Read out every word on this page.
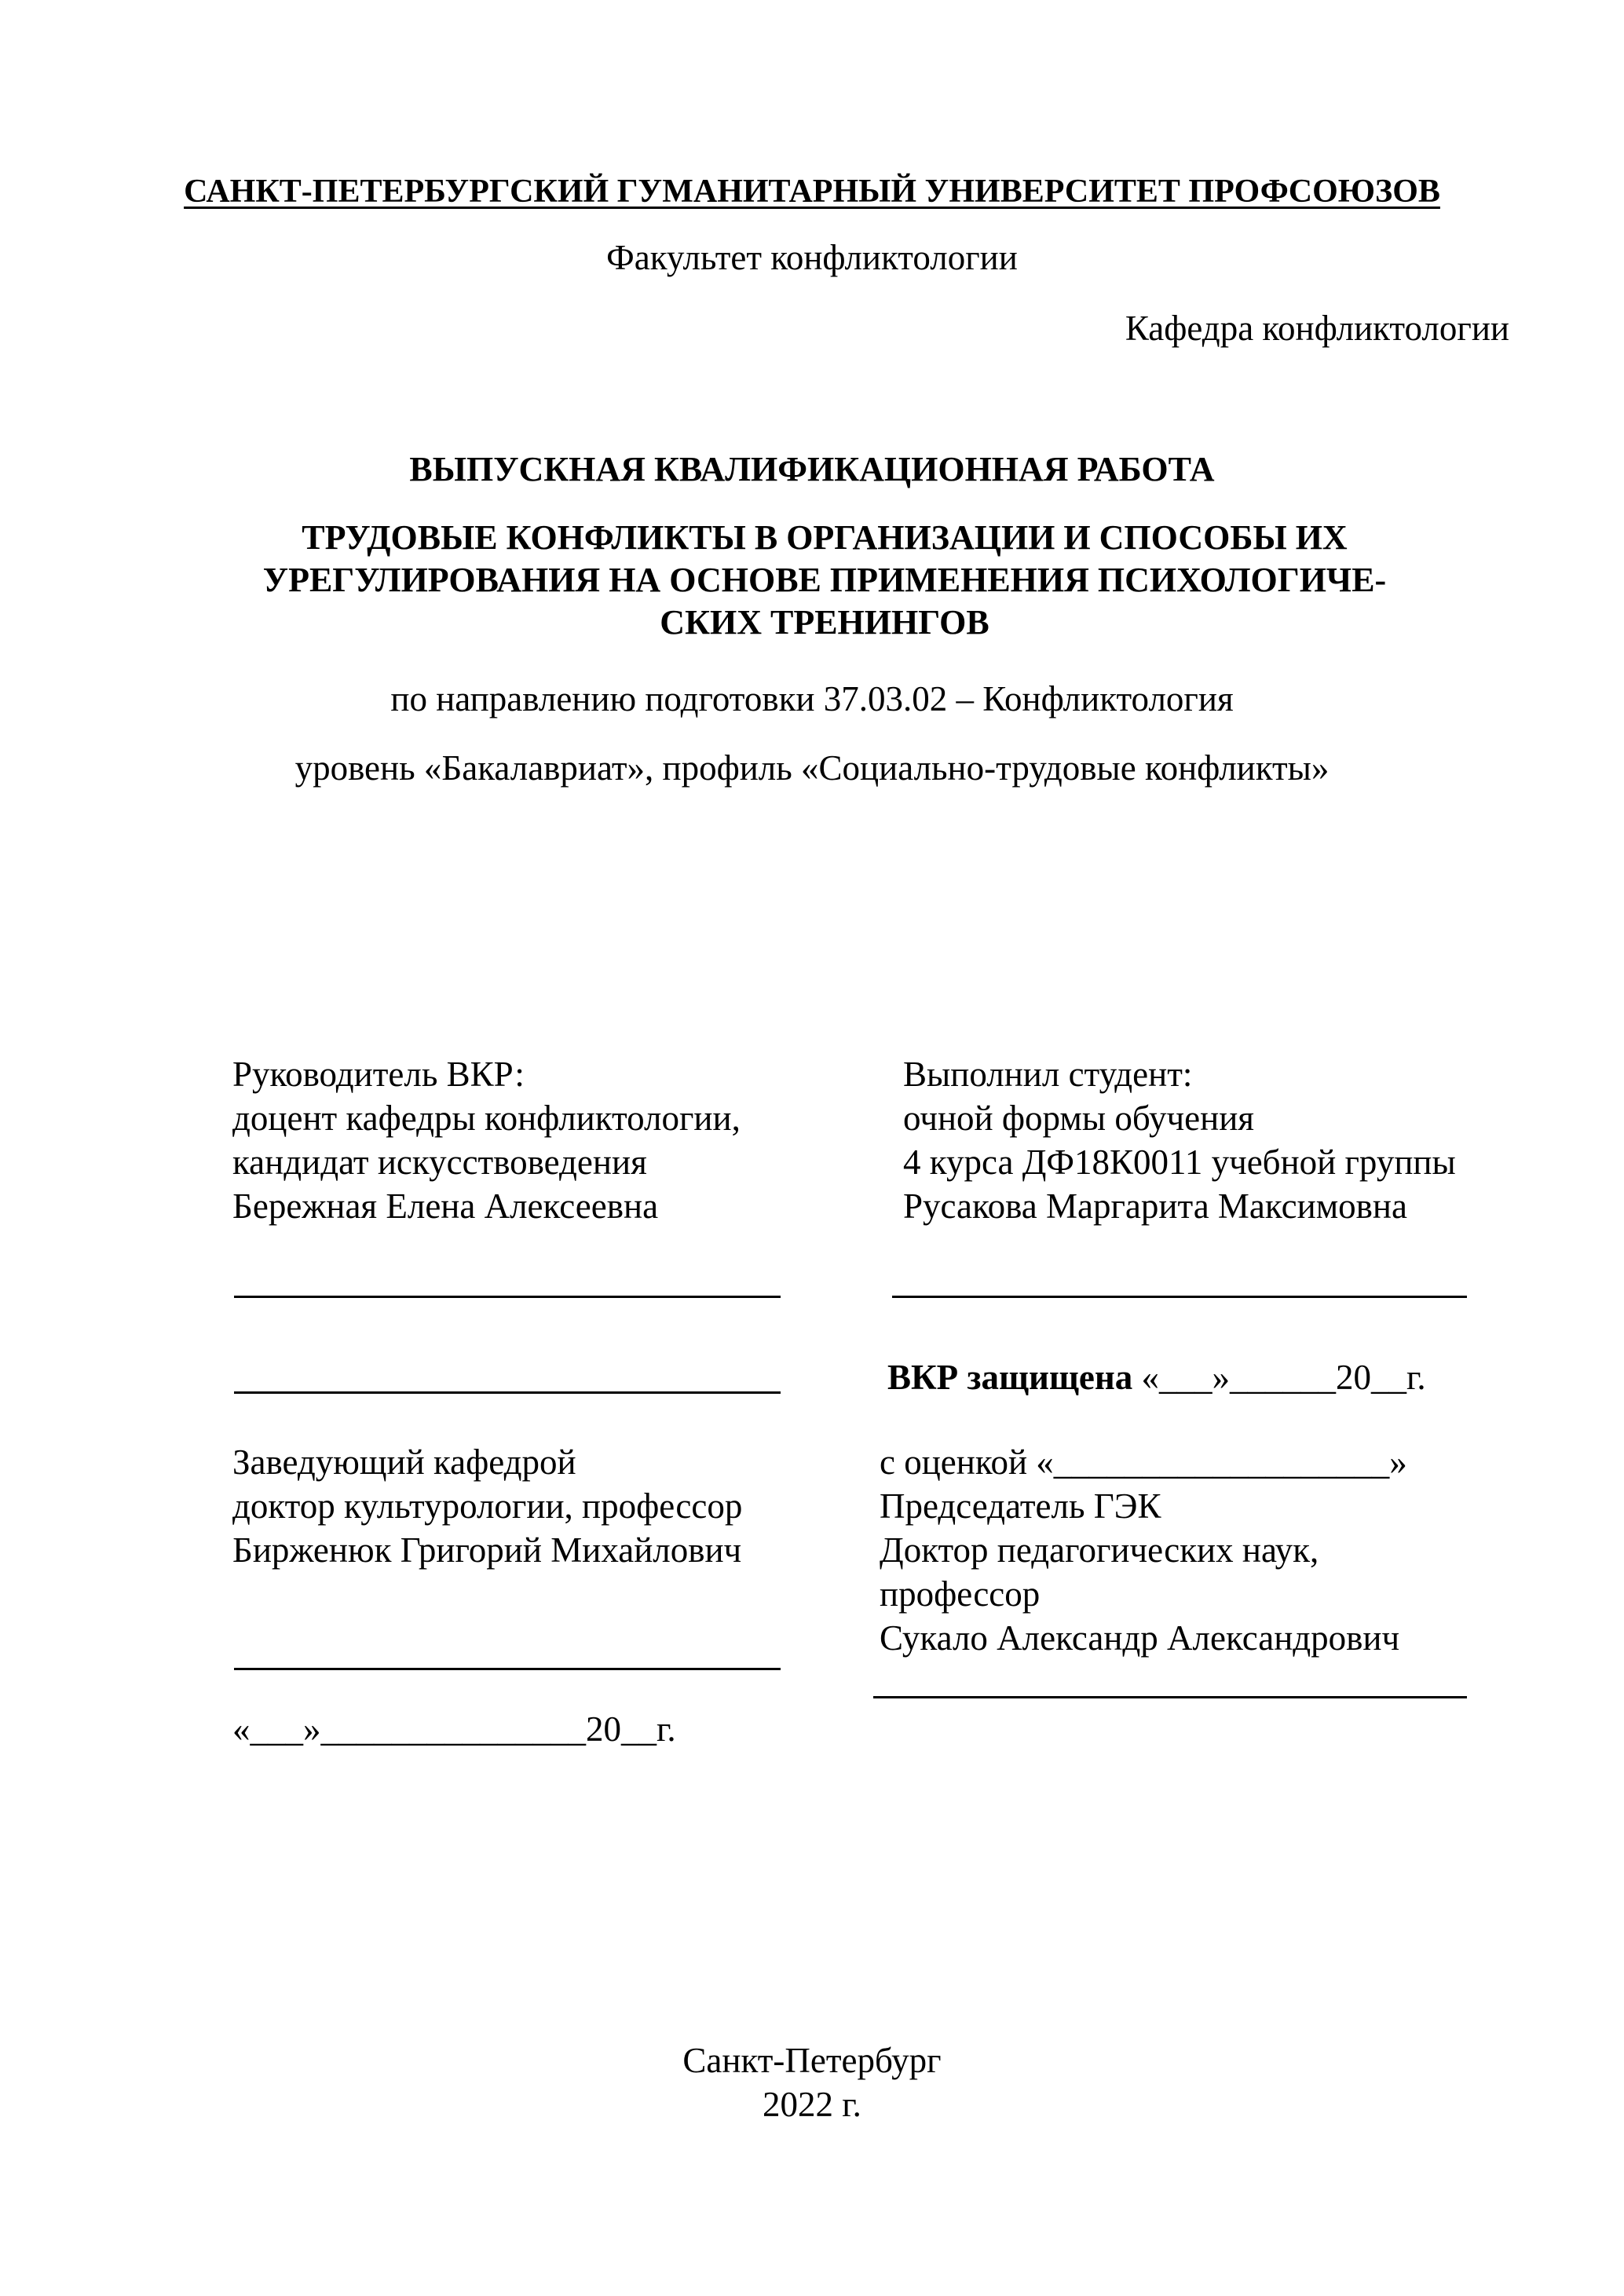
САНКТ-ПЕТЕРБУРГСКИЙ ГУМАНИТАРНЫЙ УНИВЕРСИТЕТ ПРОФСОЮЗОВ
Факультет конфликтологии
Кафедра конфликтологии
ВЫПУСКНАЯ КВАЛИФИКАЦИОННАЯ РАБОТА
ТРУДОВЫЕ КОНФЛИКТЫ В ОРГАНИЗАЦИИ И СПОСОБЫ ИХ
УРЕГУЛИРОВАНИЯ НА ОСНОВЕ ПРИМЕНЕНИЯ ПСИХОЛОГИЧЕ-
СКИХ ТРЕНИНГОВ
по направлению подготовки 37.03.02 – Конфликтология
уровень «Бакалавриат», профиль «Социально-трудовые конфликты»
Руководитель ВКР:
доцент кафедры конфликтологии,
кандидат искусствоведения
Бережная Елена Алексеевна
Выполнил студент:
очной формы обучения
4 курса ДФ18К0011 учебной группы
Русакова Маргарита Максимовна
ВКР защищена «___»______20__г.
Заведующий кафедрой
доктор культурологии, профессор
Бирженюк Григорий Михайлович
«___»_______________20__г.
с оценкой «___________________»
Председатель ГЭК
Доктор педагогических наук,
профессор
Сукало Александр Александрович
Санкт-Петербург
2022 г.
